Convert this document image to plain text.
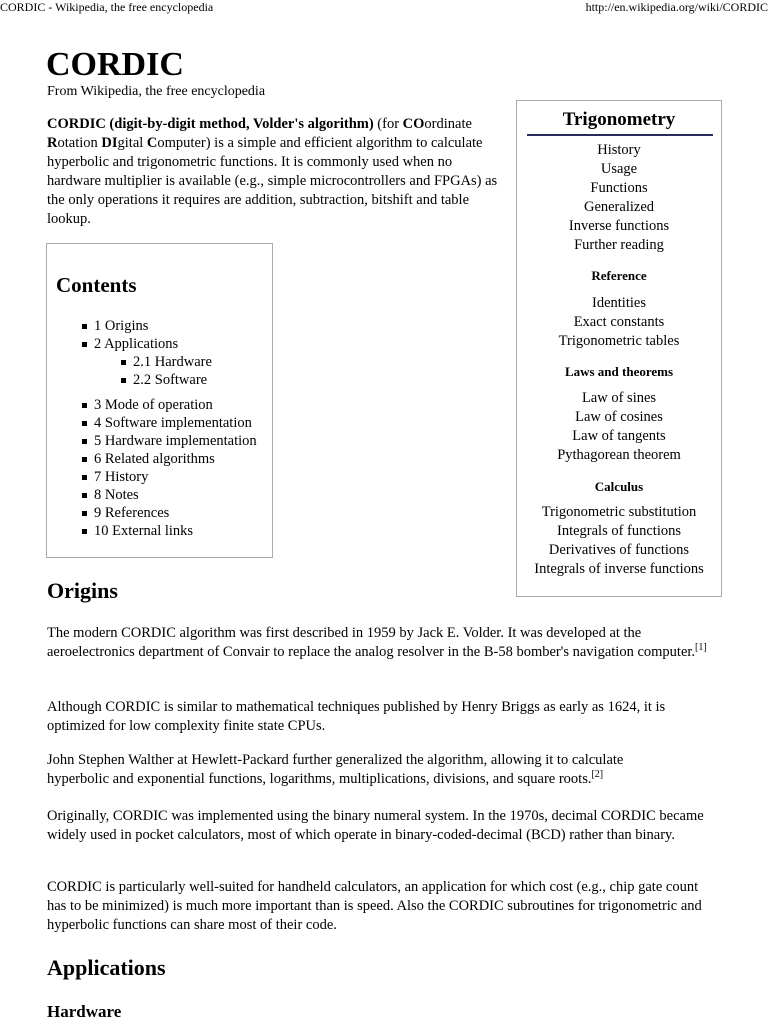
CORDIC - Wikipedia, the free encyclopedia	http://en.wikipedia.org/wiki/CORDIC
CORDIC
From Wikipedia, the free encyclopedia

CORDIC (digit-by-digit method, Volder's algorithm) (for COordinate Rotation DIgital Computer) is a simple and efficient algorithm to calculate hyperbolic and trigonometric functions. It is commonly used when no hardware multiplier is available (e.g., simple microcontrollers and FPGAs) as the only operations it requires are addition, subtraction, bitshift and table lookup.

Contents
1 Origins
2 Applications
2.1 Hardware
2.2 Software
3 Mode of operation
4 Software implementation
5 Hardware implementation
6 Related algorithms
7 History
8 Notes
9 References
10 External links
Trigonometry
History
Usage
Functions
Generalized
Inverse functions
Further reading
Reference
Identities
Exact constants
Trigonometric tables
Laws and theorems
Law of sines
Law of cosines
Law of tangents
Pythagorean theorem
Calculus
Trigonometric substitution
Integrals of functions
Derivatives of functions
Integrals of inverse functions
Origins

The modern CORDIC algorithm was first described in 1959 by Jack E. Volder. It was developed at the aeroelectronics department of Convair to replace the analog resolver in the B-58 bomber's navigation computer.[1]

Although CORDIC is similar to mathematical techniques published by Henry Briggs as early as 1624, it is optimized for low complexity finite state CPUs.

John Stephen Walther at Hewlett-Packard further generalized the algorithm, allowing it to calculate hyperbolic and exponential functions, logarithms, multiplications, divisions, and square roots.[2]

Originally, CORDIC was implemented using the binary numeral system. In the 1970s, decimal CORDIC became widely used in pocket calculators, most of which operate in binary-coded-decimal (BCD) rather than binary.

CORDIC is particularly well-suited for handheld calculators, an application for which cost (e.g., chip gate count has to be minimized) is much more important than is speed. Also the CORDIC subroutines for trigonometric and hyperbolic functions can share most of their code.

Applications
Hardware
